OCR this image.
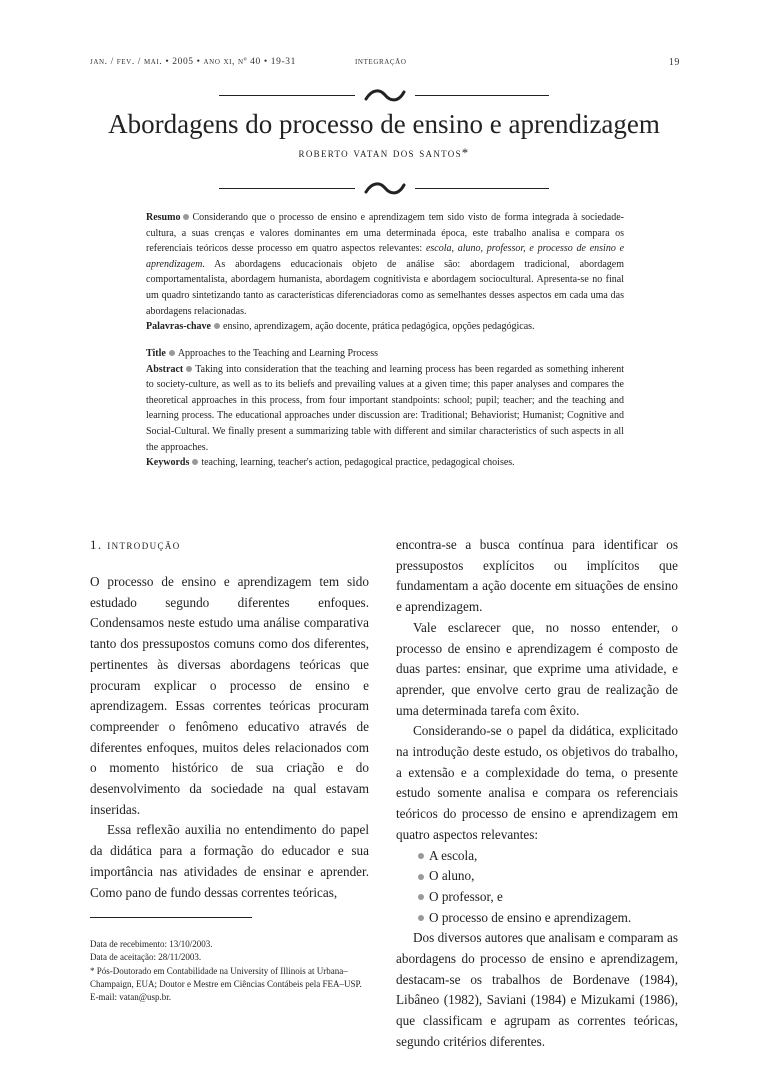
jan. / fev. / mai. • 2005 • ano xi, nº 40 • 19-31	integração	19
Abordagens do processo de ensino e aprendizagem
roberto vatan dos santos*

Resumo Considerando que o processo de ensino e aprendizagem tem sido visto de forma integrada à sociedade-cultura, a suas crenças e valores dominantes em uma determinada época, este trabalho analisa e compara os referenciais teóricos desse processo em quatro aspectos relevantes: escola, aluno, professor, e processo de ensino e aprendizagem. As abordagens educacionais objeto de análise são: abordagem tradicional, abordagem comportamentalista, abordagem humanista, abordagem cognitivista e abordagem sociocultural. Apresenta-se no final um quadro sintetizando tanto as características diferenciadoras como as semelhantes desses aspectos em cada uma das abordagens relacionadas.

Palavras-chave ensino, aprendizagem, ação docente, prática pedagógica, opções pedagógicas.

Title Approaches to the Teaching and Learning Process

Abstract Taking into consideration that the teaching and learning process has been regarded as something inherent to society-culture, as well as to its beliefs and prevailing values at a given time; this paper analyses and compares the theoretical approaches in this process, from four important standpoints: school; pupil; teacher; and the teaching and learning process. The educational approaches under discussion are: Traditional; Behaviorist; Humanist; Cognitive and Social-Cultural. We finally present a summarizing table with different and similar characteristics of such aspects in all the approaches.

Keywords teaching, learning, teacher's action, pedagogical practice, pedagogical choises.

1. introdução

O processo de ensino e aprendizagem tem sido estudado segundo diferentes enfoques. Condensamos neste estudo uma análise comparativa tanto dos pressupostos comuns como dos diferentes, pertinentes às diversas abordagens teóricas que procuram explicar o processo de ensino e aprendizagem. Essas correntes teóricas procuram compreender o fenômeno educativo através de diferentes enfoques, muitos deles relacionados com o momento histórico de sua criação e do desenvolvimento da sociedade na qual estavam inseridas.

Essa reflexão auxilia no entendimento do papel da didática para a formação do educador e sua importância nas atividades de ensinar e aprender. Como pano de fundo dessas correntes teóricas,

encontra-se a busca contínua para identificar os pressupostos explícitos ou implícitos que fundamentam a ação docente em situações de ensino e aprendizagem.

Vale esclarecer que, no nosso entender, o processo de ensino e aprendizagem é composto de duas partes: ensinar, que exprime uma atividade, e aprender, que envolve certo grau de realização de uma determinada tarefa com êxito.

Considerando-se o papel da didática, explicitado na introdução deste estudo, os objetivos do trabalho, a extensão e a complexidade do tema, o presente estudo somente analisa e compara os referenciais teóricos do processo de ensino e aprendizagem em quatro aspectos relevantes:

A escola,
O aluno,
O professor, e
O processo de ensino e aprendizagem.

Dos diversos autores que analisam e comparam as abordagens do processo de ensino e aprendizagem, destacam-se os trabalhos de Bordenave (1984), Libâneo (1982), Saviani (1984) e Mizukami (1986), que classificam e agrupam as correntes teóricas, segundo critérios diferentes.

Data de recebimento: 13/10/2003.

Data de aceitação: 28/11/2003.

* Pós-Doutorado em Contabilidade na University of Illinois at Urbana–Champaign, EUA; Doutor e Mestre em Ciências Contábeis pela FEA–USP.

E-mail: vatan@usp.br.
